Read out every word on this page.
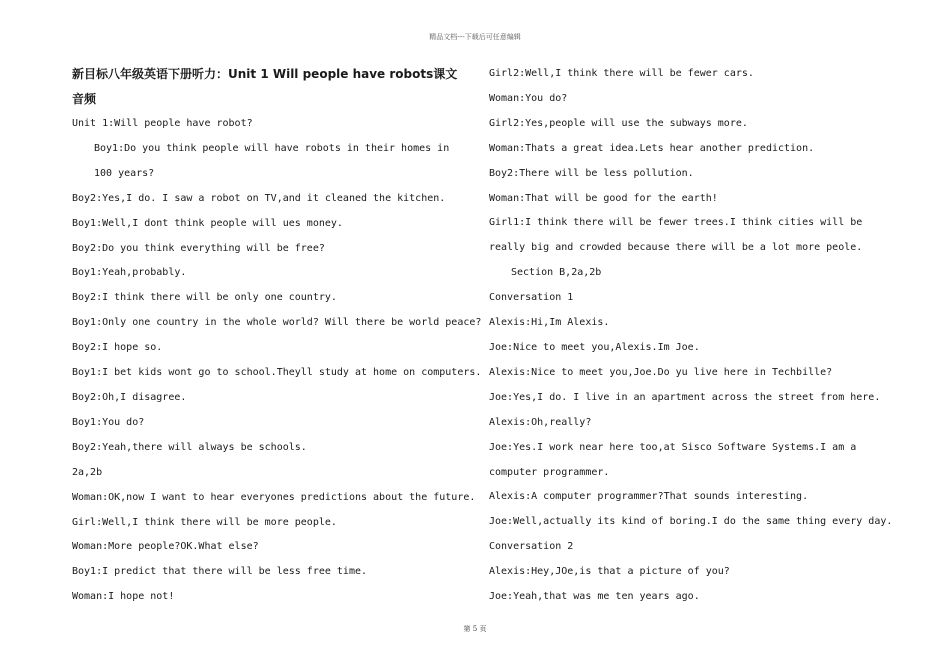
精品文档---下载后可任意编辑

新目标八年级英语下册听力：Unit 1 Will people have robots课文音频

Unit 1:Will people have robot?

Boy1:Do you think people will have robots in their homes in 100 years?

Boy2:Yes,I do. I saw a robot on TV,and it cleaned the kitchen.

Boy1:Well,I dont think people will ues money.

Boy2:Do you think everything will be free?

Boy1:Yeah,probably.

Boy2:I think there will be only one country.

Boy1:Only one country in the whole world? Will there be world peace?

Boy2:I hope so.

Boy1:I bet kids wont go to school.Theyll study at home on computers.

Boy2:Oh,I disagree.

Boy1:You do?

Boy2:Yeah,there will always be schools.

2a,2b

Woman:OK,now I want to hear everyones predictions about the future.

Girl:Well,I think there will be more people.

Woman:More people?OK.What else?

Boy1:I predict that there will be less free time.

Woman:I hope not!

Girl2:Well,I think there will be fewer cars.

Woman:You do?

Girl2:Yes,people will use the subways more.

Woman:Thats a great idea.Lets hear another prediction.

Boy2:There will be less pollution.

Woman:That will be good for the earth!

Girl1:I think there will be fewer trees.I think cities will be really big and crowded because there will be a lot more peole.

Section B,2a,2b

Conversation 1

Alexis:Hi,Im Alexis.

Joe:Nice to meet you,Alexis.Im Joe.

Alexis:Nice to meet you,Joe.Do yu live here in Techbille?

Joe:Yes,I do. I live in an apartment across the street from here.

Alexis:Oh,really?

Joe:Yes.I work near here too,at Sisco Software Systems.I am a computer programmer.

Alexis:A computer programmer?That sounds interesting.

Joe:Well,actually its kind of boring.I do the same thing every day.

Conversation 2

Alexis:Hey,JOe,is that a picture of you?

Joe:Yeah,that was me ten years ago.

第 5 页
